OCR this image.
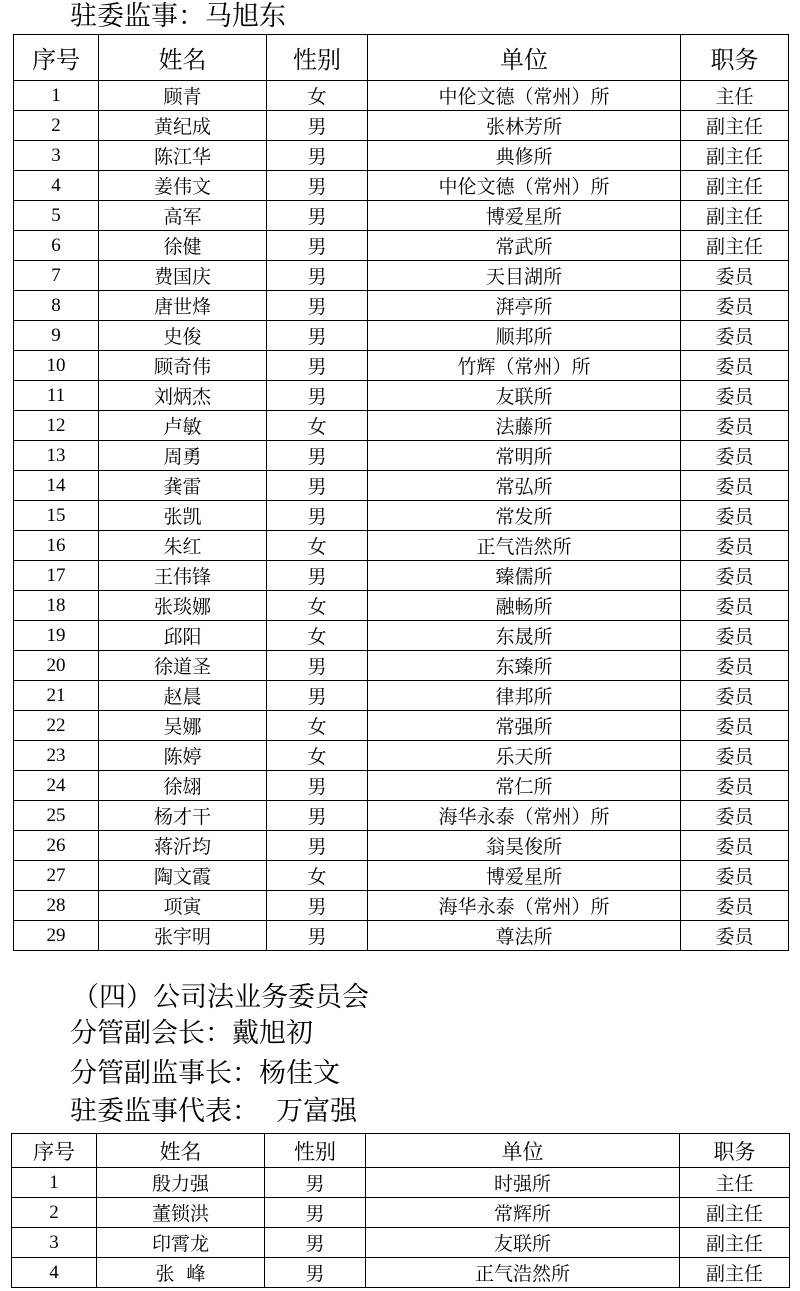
驻委监事：马旭东
序号	姓名	性别	单位	职务
1	顾青	女	中伦文德（常州）所	主任
2	黄纪成	男	张林芳所	副主任
3	陈江华	男	典修所	副主任
4	姜伟文	男	中伦文德（常州）所	副主任
5	高军	男	博爱星所	副主任
6	徐健	男	常武所	副主任
7	费国庆	男	天目湖所	委员
8	唐世烽	男	湃亭所	委员
9	史俊	男	顺邦所	委员
10	顾奇伟	男	竹辉（常州）所	委员
11	刘炳杰	男	友联所	委员
12	卢敏	女	法藤所	委员
13	周勇	男	常明所	委员
14	龚雷	男	常弘所	委员
15	张凯	男	常发所	委员
16	朱红	女	正气浩然所	委员
17	王伟锋	男	臻儒所	委员
18	张琰娜	女	融畅所	委员
19	邱阳	女	东晟所	委员
20	徐道圣	男	东臻所	委员
21	赵晨	男	律邦所	委员
22	吴娜	女	常强所	委员
23	陈婷	女	乐天所	委员
24	徐翃	男	常仁所	委员
25	杨才干	男	海华永泰（常州）所	委员
26	蒋沂均	男	翁昊俊所	委员
27	陶文霞	女	博爱星所	委员
28	项寅	男	海华永泰（常州）所	委员
29	张宇明	男	尊法所	委员
（四）公司法业务委员会
分管副会长：戴旭初
分管副监事长：杨佳文
驻委监事代表：  万富强
序号	姓名	性别	单位	职务
1	殷力强	男	时强所	主任
2	董锁洪	男	常辉所	副主任
3	印霄龙	男	友联所	副主任
4	张  峰	男	正气浩然所	副主任
